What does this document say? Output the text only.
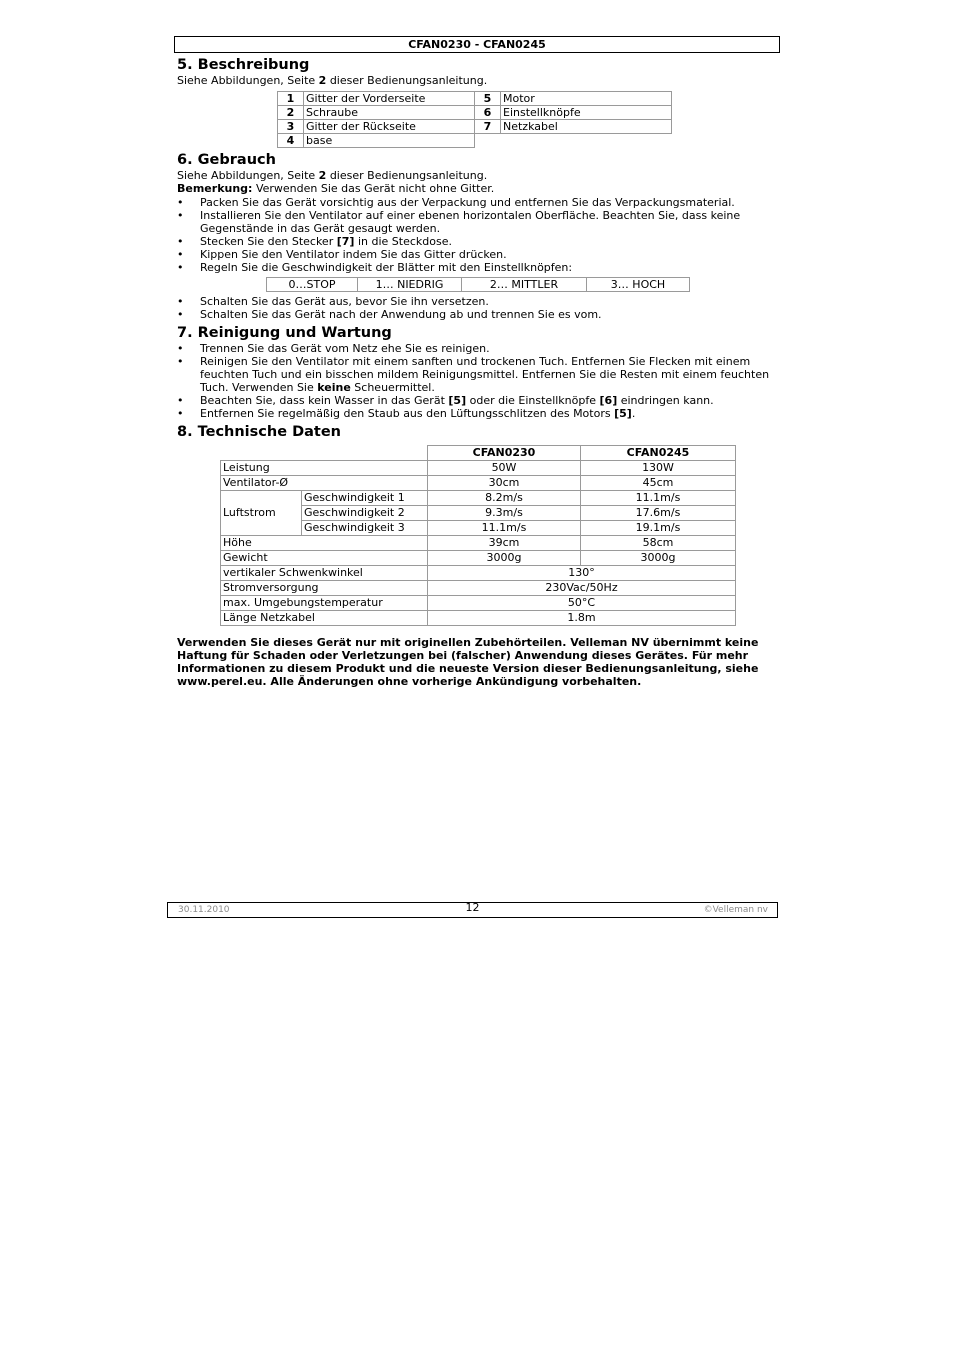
CFAN0230 - CFAN0245
5. Beschreibung

Siehe Abbildungen, Seite 2 dieser Bedienungsanleitung.

1	Gitter der Vorderseite	5	Motor
2	Schraube	6	Einstellknöpfe
3	Gitter der Rückseite	7	Netzkabel
4	base		
6. Gebrauch

Siehe Abbildungen, Seite 2 dieser Bedienungsanleitung.

Bemerkung: Verwenden Sie das Gerät nicht ohne Gitter.

• Packen Sie das Gerät vorsichtig aus der Verpackung und entfernen Sie das Verpackungsmaterial.
• Installieren Sie den Ventilator auf einer ebenen horizontalen Oberfläche. Beachten Sie, dass keine Gegenstände in das Gerät gesaugt werden.
• Stecken Sie den Stecker [7] in die Steckdose.
• Kippen Sie den Ventilator indem Sie das Gitter drücken.
• Regeln Sie die Geschwindigkeit der Blätter mit den Einstellknöpfen:
0…STOP	1… NIEDRIG	2… MITTLER	3… HOCH
• Schalten Sie das Gerät aus, bevor Sie ihn versetzen.
• Schalten Sie das Gerät nach der Anwendung ab und trennen Sie es vom.
7. Reinigung und Wartung
• Trennen Sie das Gerät vom Netz ehe Sie es reinigen.
• Reinigen Sie den Ventilator mit einem sanften und trockenen Tuch. Entfernen Sie Flecken mit einem feuchten Tuch und ein bisschen mildem Reinigungsmittel. Entfernen Sie die Resten mit einem feuchten Tuch. Verwenden Sie keine Scheuermittel.
• Beachten Sie, dass kein Wasser in das Gerät [5] oder die Einstellknöpfe [6] eindringen kann.
• Entfernen Sie regelmäßig den Staub aus den Lüftungsschlitzen des Motors [5].
8. Technische Daten
		CFAN0230	CFAN0245
Leistung		50W	130W
Ventilator-Ø		30cm	45cm
Luftstrom	Geschwindigkeit 1	8.2m/s	11.1m/s
	Geschwindigkeit 2	9.3m/s	17.6m/s
	Geschwindigkeit 3	11.1m/s	19.1m/s
Höhe		39cm	58cm
Gewicht		3000g	3000g
vertikaler Schwenkwinkel		130°	
Stromversorgung		230Vac/50Hz	
max. Umgebungstemperatur		50°C	
Länge Netzkabel		1.8m	

Verwenden Sie dieses Gerät nur mit originellen Zubehörteilen. Velleman NV übernimmt keine Haftung für Schaden oder Verletzungen bei (falscher) Anwendung dieses Gerätes. Für mehr Informationen zu diesem Produkt und die neueste Version dieser Bedienungsanleitung, siehe www.perel.eu. Alle Änderungen ohne vorherige Ankündigung vorbehalten.

30.11.2010	12	©Velleman nv
